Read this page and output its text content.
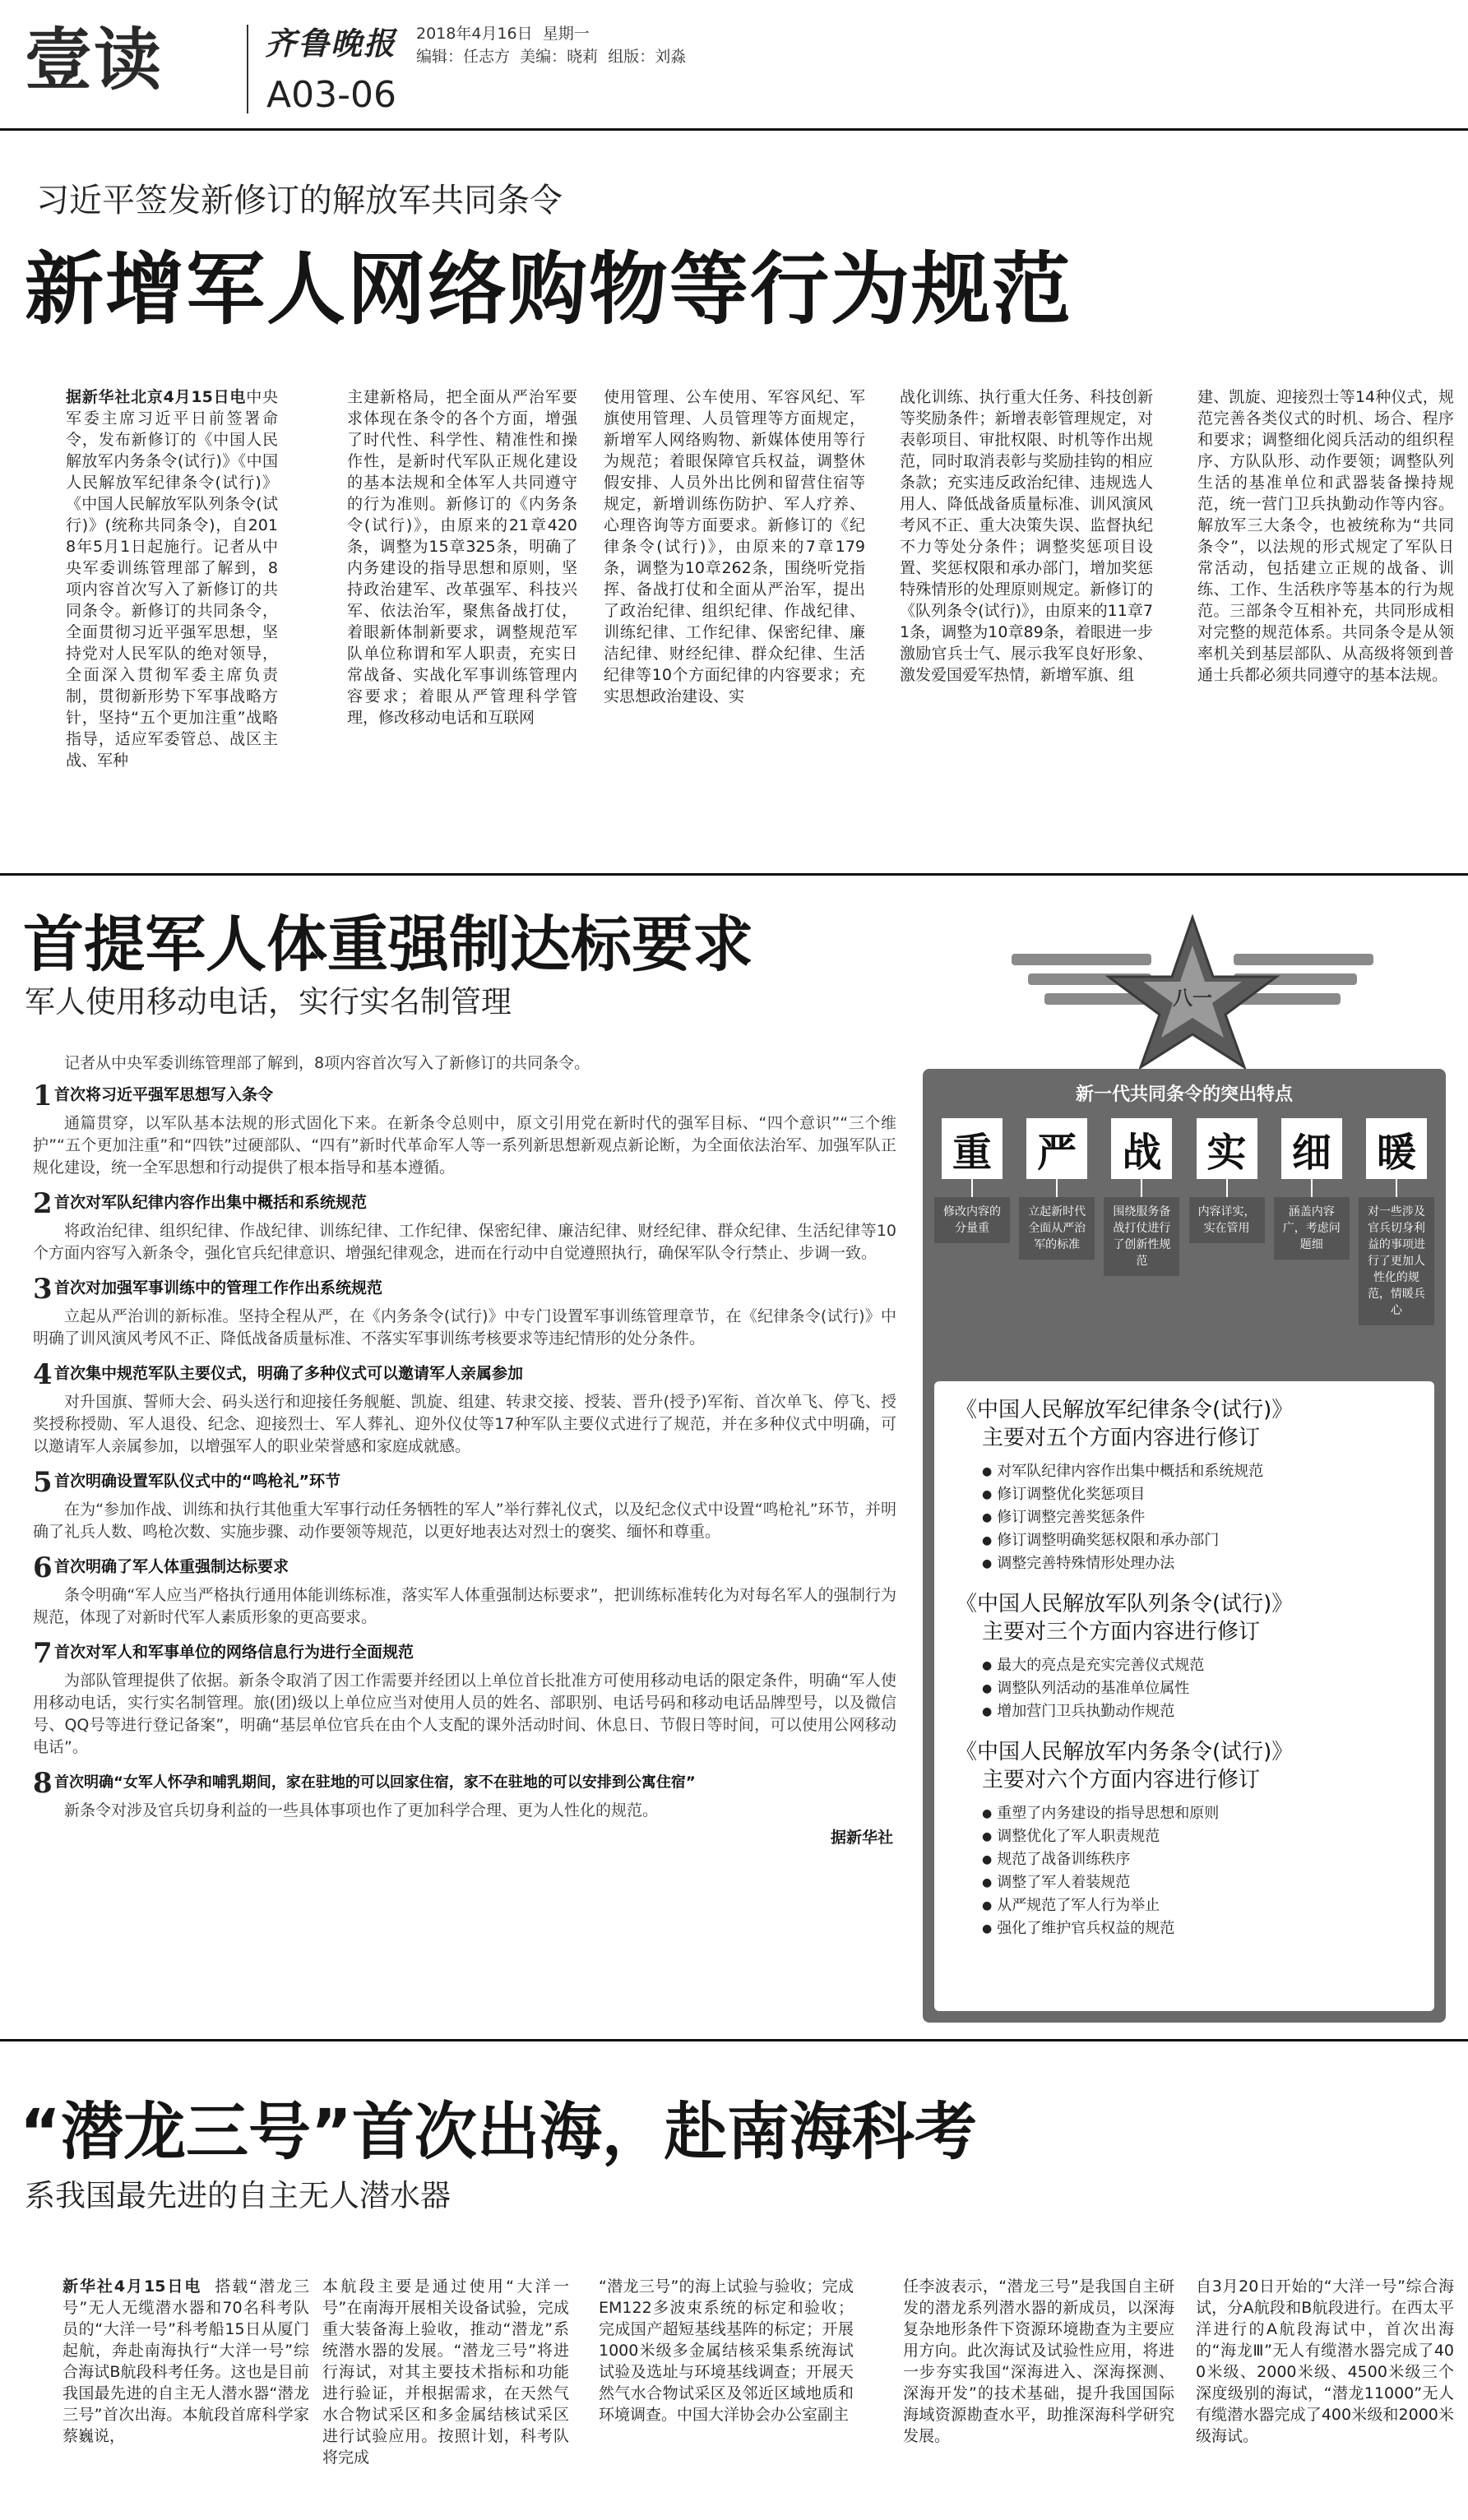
壹读	齐鲁晚报
A03-06
2018年4月16日 星期一
编辑：任志方 美编：晓莉 组版：刘淼
习近平签发新修订的解放军共同条令
新增军人网络购物等行为规范
据新华社北京4月15日电中央军委主席习近平日前签署命令，发布新修订的《中国人民解放军内务条令(试行)》《中国人民解放军纪律条令(试行)》《中国人民解放军队列条令(试行)》(统称共同条令)，自2018年5月1日起施行。记者从中央军委训练管理部了解到，8项内容首次写入了新修订的共同条令。新修订的共同条令，全面贯彻习近平强军思想，坚持党对人民军队的绝对领导，全面深入贯彻军委主席负责制，贯彻新形势下军事战略方针，坚持“五个更加注重”战略指导，适应军委管总、战区主战、军种
主建新格局，把全面从严治军要求体现在条令的各个方面，增强了时代性、科学性、精准性和操作性，是新时代军队正规化建设的基本法规和全体军人共同遵守的行为准则。新修订的《内务条令(试行)》，由原来的21章420条，调整为15章325条，明确了内务建设的指导思想和原则，坚持政治建军、改革强军、科技兴军、依法治军，聚焦备战打仗，着眼新体制新要求，调整规范军队单位称谓和军人职责，充实日常战备、实战化军事训练管理内容要求；着眼从严管理科学管理，修改移动电话和互联网
使用管理、公车使用、军容风纪、军旗使用管理、人员管理等方面规定，新增军人网络购物、新媒体使用等行为规范；着眼保障官兵权益，调整休假安排、人员外出比例和留营住宿等规定，新增训练伤防护、军人疗养、心理咨询等方面要求。新修订的《纪律条令(试行)》，由原来的7章179条，调整为10章262条，围绕听党指挥、备战打仗和全面从严治军，提出了政治纪律、组织纪律、作战纪律、训练纪律、工作纪律、保密纪律、廉洁纪律、财经纪律、群众纪律、生活纪律等10个方面纪律的内容要求；充实思想政治建设、实
战化训练、执行重大任务、科技创新等奖励条件；新增表彰管理规定，对表彰项目、审批权限、时机等作出规范，同时取消表彰与奖励挂钩的相应条款；充实违反政治纪律、违规选人用人、降低战备质量标准、训风演风考风不正、重大决策失误、监督执纪不力等处分条件；调整奖惩项目设置、奖惩权限和承办部门，增加奖惩特殊情形的处理原则规定。新修订的《队列条令(试行)》，由原来的11章71条，调整为10章89条，着眼进一步激励官兵士气、展示我军良好形象、激发爱国爱军热情，新增军旗、组
建、凯旋、迎接烈士等14种仪式，规范完善各类仪式的时机、场合、程序和要求；调整细化阅兵活动的组织程序、方队队形、动作要领；调整队列生活的基准单位和武器装备操持规范，统一营门卫兵执勤动作等内容。解放军三大条令，也被统称为“共同条令”，以法规的形式规定了军队日常活动，包括建立正规的战备、训练、工作、生活秩序等基本的行为规范。三部条令互相补充，共同形成相对完整的规范体系。共同条令是从领率机关到基层部队、从高级将领到普通士兵都必须共同遵守的基本法规。
首提军人体重强制达标要求
军人使用移动电话，实行实名制管理
记者从中央军委训练管理部了解到，8项内容首次写入了新修订的共同条令。
1 首次将习近平强军思想写入条令
通篇贯穿，以军队基本法规的形式固化下来。在新条令总则中，原文引用党在新时代的强军目标、“四个意识”“三个维护”“五个更加注重”和“四铁”过硬部队、“四有”新时代革命军人等一系列新思想新观点新论断，为全面依法治军、加强军队正规化建设，统一全军思想和行动提供了根本指导和基本遵循。
2 首次对军队纪律内容作出集中概括和系统规范
将政治纪律、组织纪律、作战纪律、训练纪律、工作纪律、保密纪律、廉洁纪律、财经纪律、群众纪律、生活纪律等10个方面内容写入新条令，强化官兵纪律意识、增强纪律观念，进而在行动中自觉遵照执行，确保军队令行禁止、步调一致。
3 首次对加强军事训练中的管理工作作出系统规范
立起从严治训的新标准。坚持全程从严，在《内务条令(试行)》中专门设置军事训练管理章节，在《纪律条令(试行)》中明确了训风演风考风不正、降低战备质量标准、不落实军事训练考核要求等违纪情形的处分条件。
4 首次集中规范军队主要仪式，明确了多种仪式可以邀请军人亲属参加
对升国旗、誓师大会、码头送行和迎接任务舰艇、凯旋、组建、转隶交接、授装、晋升(授予)军衔、首次单飞、停飞、授奖授称授勋、军人退役、纪念、迎接烈士、军人葬礼、迎外仪仗等17种军队主要仪式进行了规范，并在多种仪式中明确，可以邀请军人亲属参加，以增强军人的职业荣誉感和家庭成就感。
5 首次明确设置军队仪式中的“鸣枪礼”环节
在为“参加作战、训练和执行其他重大军事行动任务牺牲的军人”举行葬礼仪式，以及纪念仪式中设置“鸣枪礼”环节，并明确了礼兵人数、鸣枪次数、实施步骤、动作要领等规范，以更好地表达对烈士的褒奖、缅怀和尊重。
6 首次明确了军人体重强制达标要求
条令明确“军人应当严格执行通用体能训练标准，落实军人体重强制达标要求”，把训练标准转化为对每名军人的强制行为规范，体现了对新时代军人素质形象的更高要求。
7 首次对军人和军事单位的网络信息行为进行全面规范
为部队管理提供了依据。新条令取消了因工作需要并经团以上单位首长批准方可使用移动电话的限定条件，明确“军人使用移动电话，实行实名制管理。旅(团)级以上单位应当对使用人员的姓名、部职别、电话号码和移动电话品牌型号，以及微信号、QQ号等进行登记备案”，明确“基层单位官兵在由个人支配的课外活动时间、休息日、节假日等时间，可以使用公网移动电话”。
8 首次明确“女军人怀孕和哺乳期间，家在驻地的可以回家住宿，家不在驻地的可以安排到公寓住宿”
新条令对涉及官兵切身利益的一些具体事项也作了更加科学合理、更为人性化的规范。
据新华社
八一
新一代共同条令的突出特点
重
修改内容的分量重
严
立起新时代全面从严治军的标准
战
围绕服务备战打仗进行了创新性规范
实
内容详实，实在管用
细
涵盖内容广，考虑问题细
暖
对一些涉及官兵切身利益的事项进行了更加人性化的规范，情暖兵心
《中国人民解放军纪律条令(试行)》
主要对五个方面内容进行修订
● 对军队纪律内容作出集中概括和系统规范
● 修订调整优化奖惩项目
● 修订调整完善奖惩条件
● 修订调整明确奖惩权限和承办部门
● 调整完善特殊情形处理办法
《中国人民解放军队列条令(试行)》
主要对三个方面内容进行修订
● 最大的亮点是充实完善仪式规范
● 调整队列活动的基准单位属性
● 增加营门卫兵执勤动作规范
《中国人民解放军内务条令(试行)》
主要对六个方面内容进行修订
● 重塑了内务建设的指导思想和原则
● 调整优化了军人职责规范
● 规范了战备训练秩序
● 调整了军人着装规范
● 从严规范了军人行为举止
● 强化了维护官兵权益的规范
“潜龙三号”首次出海，赴南海科考
系我国最先进的自主无人潜水器
新华社4月15日电 搭载“潜龙三号”无人无缆潜水器和70名科考队员的“大洋一号”科考船15日从厦门起航，奔赴南海执行“大洋一号”综合海试B航段科考任务。这也是目前我国最先进的自主无人潜水器“潜龙三号”首次出海。本航段首席科学家蔡巍说，
本航段主要是通过使用“大洋一号”在南海开展相关设备试验，完成重大装备海上验收，推动“潜龙”系统潜水器的发展。“潜龙三号”将进行海试，对其主要技术指标和功能进行验证，并根据需求，在天然气水合物试采区和多金属结核试采区进行试验应用。按照计划，科考队将完成
“潜龙三号”的海上试验与验收；完成EM122多波束系统的标定和验收；完成国产超短基线基阵的标定；开展1000米级多金属结核采集系统海试试验及选址与环境基线调查；开展天然气水合物试采区及邻近区域地质和环境调查。中国大洋协会办公室副主
任李波表示，“潜龙三号”是我国自主研发的潜龙系列潜水器的新成员，以深海复杂地形条件下资源环境勘查为主要应用方向。此次海试及试验性应用，将进一步夯实我国“深海进入、深海探测、深海开发”的技术基础，提升我国国际海域资源勘查水平，助推深海科学研究发展。
自3月20日开始的“大洋一号”综合海试，分A航段和B航段进行。在西太平洋进行的A航段海试中，首次出海的“海龙Ⅲ”无人有缆潜水器完成了400米级、2000米级、4500米级三个深度级别的海试，“潜龙11000”无人有缆潜水器完成了400米级和2000米级海试。
